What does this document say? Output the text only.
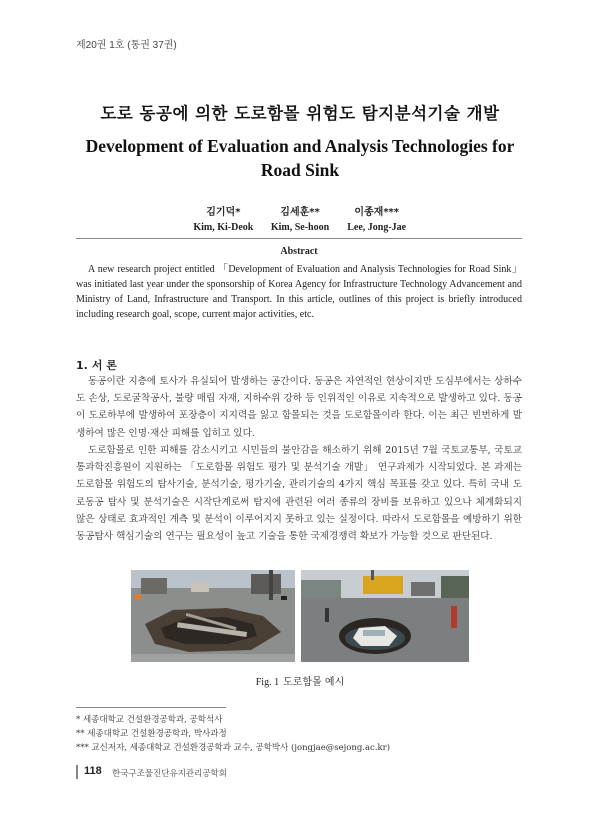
제20권 1호 (통권 37권)
도로 동공에 의한 도로함몰 위험도 탐지분석기술 개발
Development of Evaluation and Analysis Technologies for
Road Sink
김기덕*	김세훈**	이종재***
Kim, Ki-Deok	Kim, Se-hoon	Lee, Jong-Jae
Abstract

A new research project entitled 「Development of Evaluation and Analysis Technologies for Road Sink」 was initiated last year under the sponsorship of Korea Agency for Infrastructure Technology Advancement and Ministry of Land, Infrastructure and Transport. In this article, outlines of this project is briefly introduced including research goal, scope, current major activities, etc.

1. 서 론

동공이란 지층에 토사가 유실되어 발생하는 공간이다. 동공은 자연적인 현상이지만 도심부에서는 상하수도 손상, 도로굴착공사, 불량 매립 자재, 지하수위 강하 등 인위적인 이유로 지속적으로 발생하고 있다. 동공이 도로하부에 발생하여 포장층이 지지력을 잃고 함몰되는 것을 도로함몰이라 한다. 이는 최근 빈번하게 발생하여 많은 인명·재산 피해를 입히고 있다.

도로함몰로 인한 피해를 감소시키고 시민들의 불안감을 해소하기 위해 2015년 7월 국토교통부, 국토교통과학진흥원이 지원하는 「도로함몰 위험도 평가 및 분석기술 개발」 연구과제가 시작되었다. 본 과제는 도로함몰 위험도의 탐사기술, 분석기술, 평가기술, 관리기술의 4가지 핵심 목표를 갖고 있다. 특히 국내 도로동공 탐사 및 분석기술은 시작단계로써 탐지에 관련된 여러 종류의 장비를 보유하고 있으나 체계화되지 않은 상태로 효과적인 계측 및 분석이 이루어지지 못하고 있는 실정이다. 따라서 도로함몰을 예방하기 위한 동공탐사 핵심기술의 연구는 필요성이 높고 기술을 통한 국제경쟁력 확보가 가능할 것으로 판단된다.

Fig. 1 도로함몰 예시
* 세종대학교 건설환경공학과, 공학석사
** 세종대학교 건설환경공학과, 박사과정
*** 교신저자, 세종대학교 건설환경공학과 교수, 공학박사 (jongjae@sejong.ac.kr)
118 한국구조물진단유지관리공학회
